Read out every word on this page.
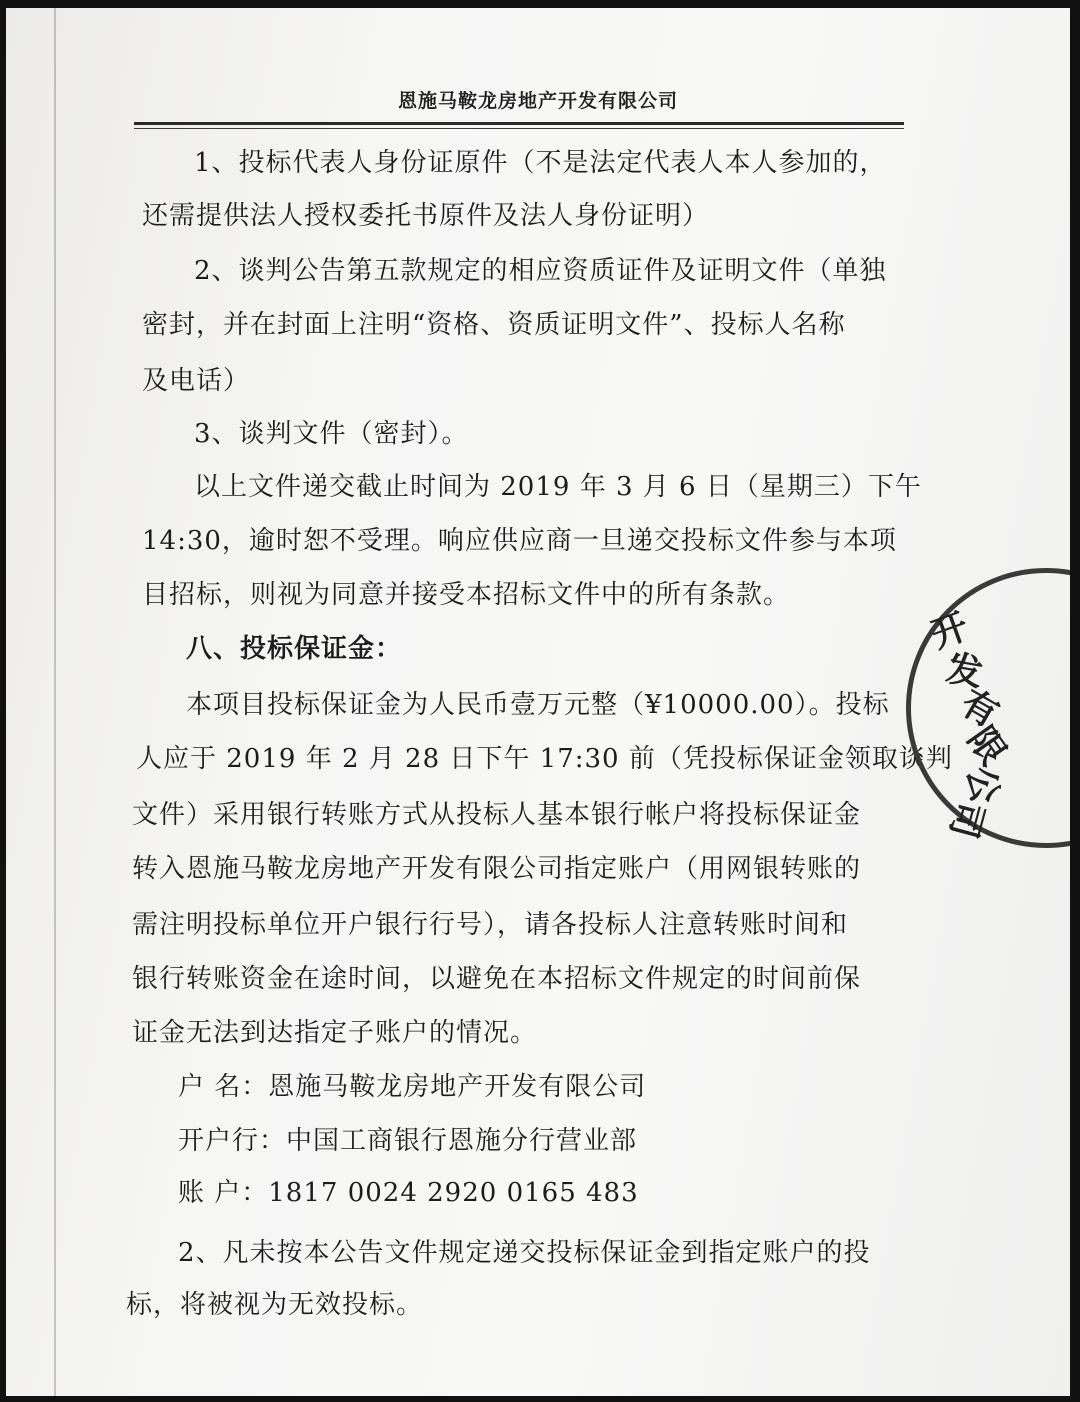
恩施马鞍龙房地产开发有限公司
1、投标代表人身份证原件（不是法定代表人本人参加的，
还需提供法人授权委托书原件及法人身份证明）
2、谈判公告第五款规定的相应资质证件及证明文件（单独
密封，并在封面上注明“资格、资质证明文件”、投标人名称
及电话）
3、谈判文件（密封）。
以上文件递交截止时间为 2019 年 3 月 6 日（星期三）下午
14:30，逾时恕不受理。响应供应商一旦递交投标文件参与本项
目招标，则视为同意并接受本招标文件中的所有条款。
八、投标保证金：
本项目投标保证金为人民币壹万元整（¥10000.00）。投标
人应于 2019 年 2 月 28 日下午 17:30 前（凭投标保证金领取谈判
文件）采用银行转账方式从投标人基本银行帐户将投标保证金
转入恩施马鞍龙房地产开发有限公司指定账户（用网银转账的
需注明投标单位开户银行行号），请各投标人注意转账时间和
银行转账资金在途时间，以避免在本招标文件规定的时间前保
证金无法到达指定子账户的情况。
户 名：恩施马鞍龙房地产开发有限公司
开户行：中国工商银行恩施分行营业部
账 户：1817 0024 2920 0165 483
2、凡未按本公告文件规定递交投标保证金到指定账户的投
标，将被视为无效投标。
开
发
有
限
公
司
